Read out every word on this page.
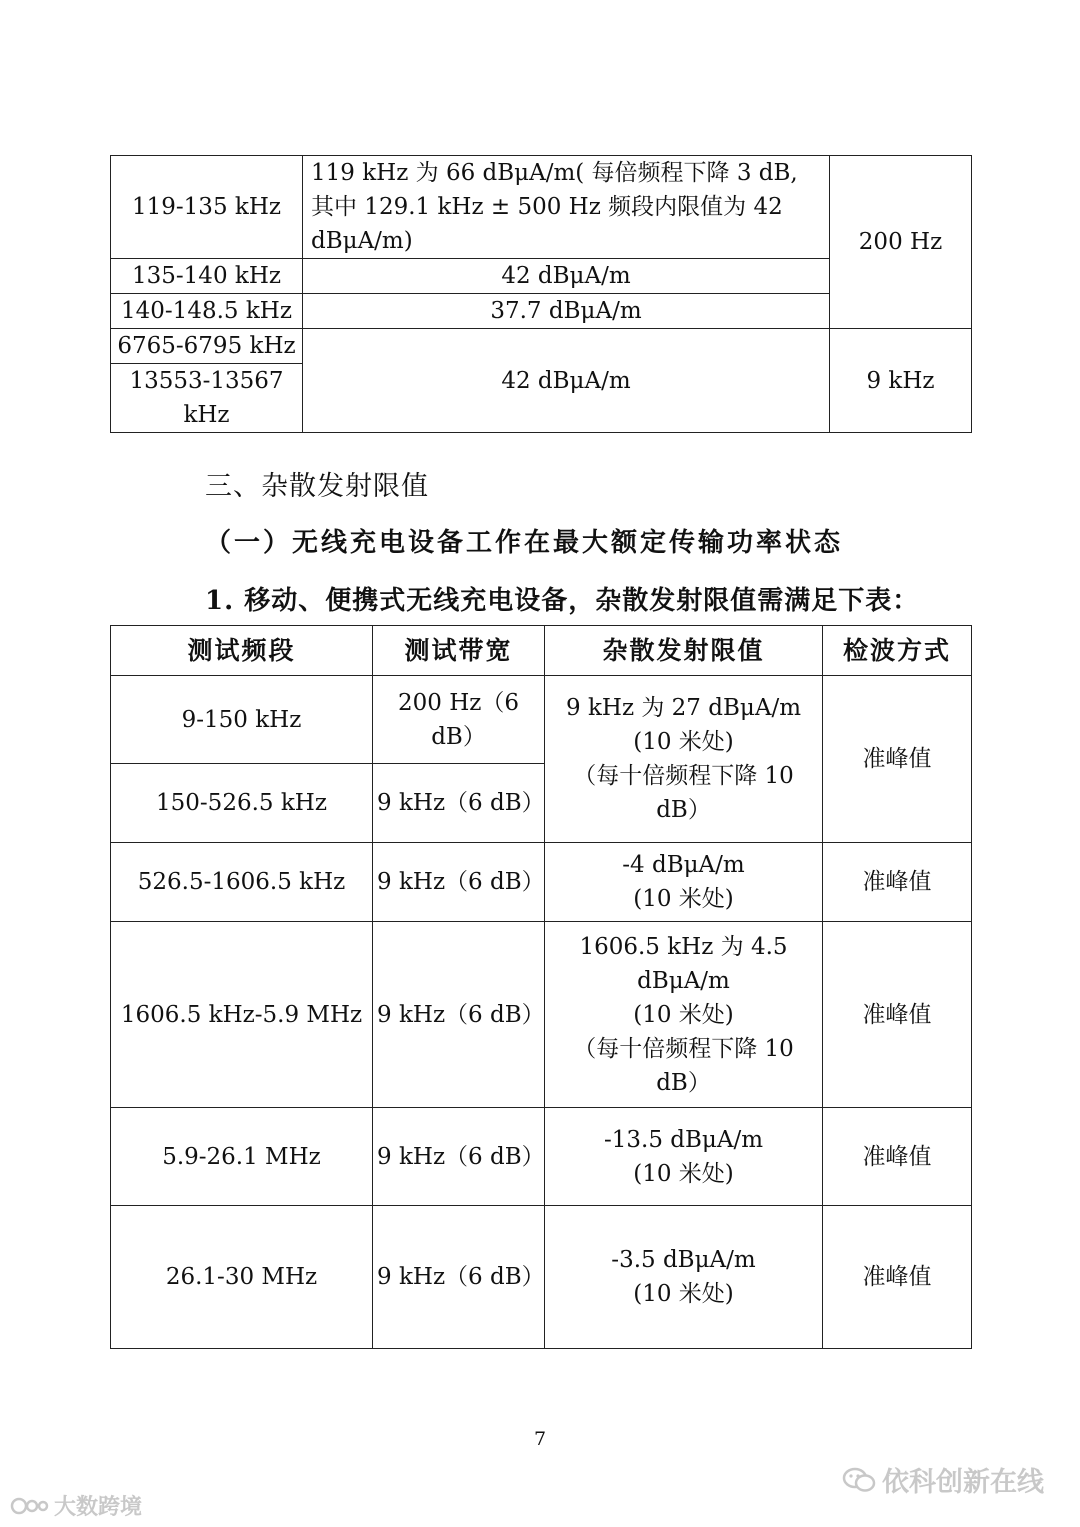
119-135 kHz	119 kHz 为 66 dBμA/m( 每倍频程下降 3 dB,
其中 129.1 kHz ± 500 Hz 频段内限值为 42
dBμA/m)	200 Hz
135-140 kHz	42 dBμA/m	
140-148.5 kHz	37.7 dBμA/m	
6765-6795 kHz	42 dBμA/m	9 kHz

13553-13567
kHz		
三、杂散发射限值
（一）无线充电设备工作在最大额定传输功率状态
1. 移动、便携式无线充电设备，杂散发射限值需满足下表：
测试频段	测试带宽	杂散发射限值	检波方式
9-150 kHz	200 Hz（6
dB）	9 kHz 为 27 dBμA/m
(10 米处)
（每十倍频程下降 10
dB）	准峰值
150-526.5 kHz	9 kHz（6 dB）		
526.5-1606.5 kHz	9 kHz（6 dB）	-4 dBμA/m
(10 米处)	准峰值
1606.5 kHz-5.9 MHz	9 kHz（6 dB）	1606.5 kHz 为 4.5
dBμA/m
(10 米处)
（每十倍频程下降 10
dB）	准峰值
5.9-26.1 MHz	9 kHz（6 dB）	-13.5 dBμA/m
(10 米处)	准峰值
26.1-30 MHz	9 kHz（6 dB）	-3.5 dBμA/m
(10 米处)	准峰值
7
依科创新在线
大数跨境
